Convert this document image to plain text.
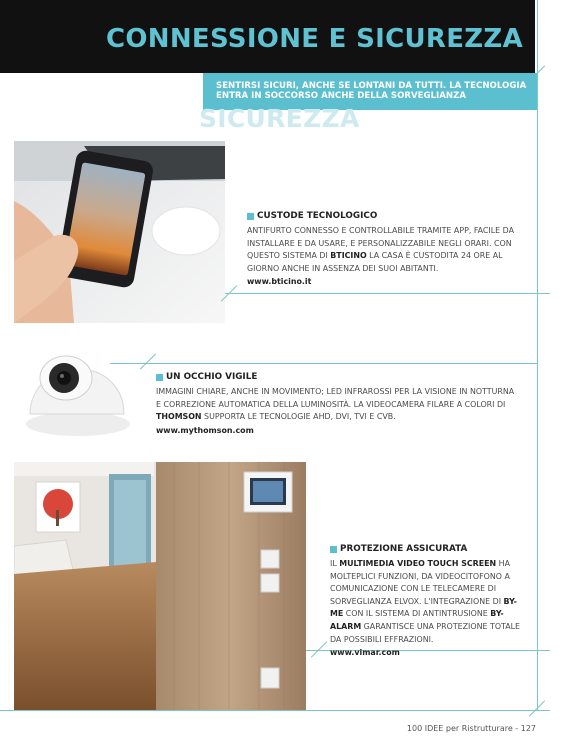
CONNESSIONE E SICUREZZA
SENTIRSI SICURI, ANCHE SE LONTANI DA TUTTI. LA TECNOLOGIA ENTRA IN SOCCORSO ANCHE DELLA SORVEGLIANZA
SICUREZZA
CUSTODE TECNOLOGICO
ANTIFURTO CONNESSO E CONTROLLABILE TRAMITE APP, FACILE DA INSTALLARE E DA USARE, E PERSONALIZZABILE NEGLI ORARI. CON QUESTO SISTEMA DI BTICINO LA CASA È CUSTODITA 24 ORE AL GIORNO ANCHE IN ASSENZA DEI SUOI ABITANTI.
www.bticino.it
UN OCCHIO VIGILE
IMMAGINI CHIARE, ANCHE IN MOVIMENTO; LED INFRAROSSI PER LA VISIONE IN NOTTURNA E CORREZIONE AUTOMATICA DELLA LUMINOSITÀ. LA VIDEOCAMERA FILARE A COLORI DI THOMSON SUPPORTA LE TECNOLOGIE AHD, DVI, TVI E CVB.
www.mythomson.com
PROTEZIONE ASSICURATA
IL MULTIMEDIA VIDEO TOUCH SCREEN HA MOLTEPLICI FUNZIONI, DA VIDEOCITOFONO A COMUNICAZIONE CON LE TELECAMERE DI SORVEGLIANZA ELVOX. L'INTEGRAZIONE DI BY-ME CON IL SISTEMA DI ANTINTRUSIONE BY-ALARM GARANTISCE UNA PROTEZIONE TOTALE DA POSSIBILI EFFRAZIONI.
www.vimar.com
100 IDEE per Ristrutturare - 127
